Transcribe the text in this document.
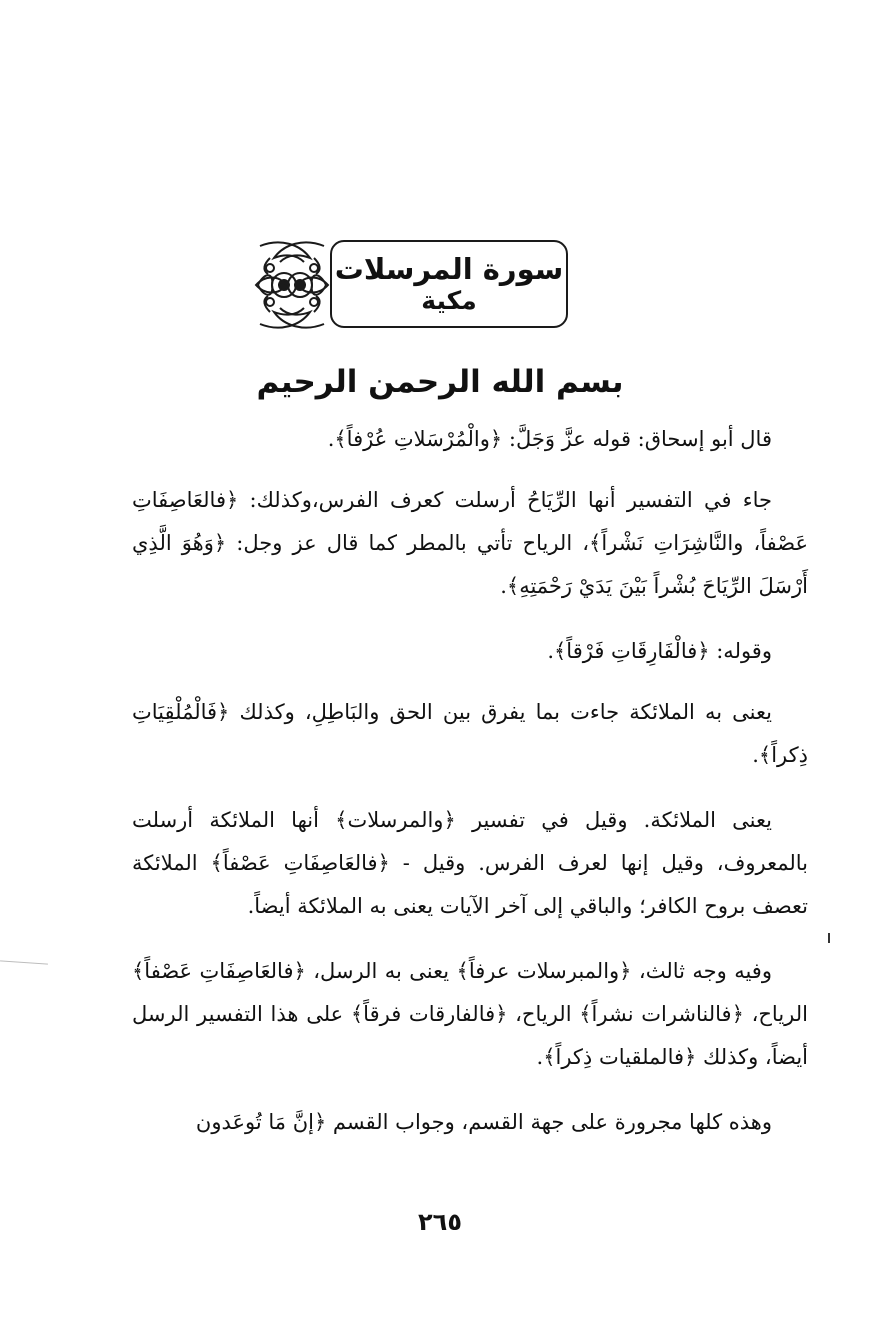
سورة المرسلات
مكية
بسم الله الرحمن الرحيم

قال أبو إسحاق: قوله عزَّ وَجَلَّ: ﴿والْمُرْسَلاتِ عُرْفاً﴾.

جاء في التفسير أنها الرِّيَاحُ أرسلت كعرف الفرس،وكذلك: ﴿فالعَاصِفَاتِ عَصْفاً، والنَّاشِرَاتِ نَشْراً﴾، الرياح تأتي بالمطر كما قال عز وجل: ﴿وَهُوَ الَّذِي أَرْسَلَ الرِّيَاحَ بُشْراً بَيْنَ يَدَيْ رَحْمَتِهِ﴾.

وقوله: ﴿فالْفَارِقَاتِ فَرْقاً﴾.

يعنى به الملائكة جاءت بما يفرق بين الحق والبَاطِلِ، وكذلك ﴿فَالْمُلْقِيَاتِ ذِكراً﴾.

يعنى الملائكة. وقيل في تفسير ﴿والمرسلات﴾ أنها الملائكة أرسلت بالمعروف، وقيل إنها لعرف الفرس. وقيل - ﴿فالعَاصِفَاتِ عَصْفاً﴾ الملائكة تعصف بروح الكافر؛ والباقي إلى آخر الآيات يعنى به الملائكة أيضاً.

وفيه وجه ثالث، ﴿والمبرسلات عرفاً﴾ يعنى به الرسل، ﴿فالعَاصِفَاتِ عَصْفاً﴾ الرياح، ﴿فالناشرات نشراً﴾ الرياح، ﴿فالفارقات فرقاً﴾ على هذا التفسير الرسل أيضاً، وكذلك ﴿فالملقيات ذِكراً﴾.

وهذه كلها مجرورة على جهة القسم، وجواب القسم ﴿إنَّ مَا تُوعَدون

٢٦٥
